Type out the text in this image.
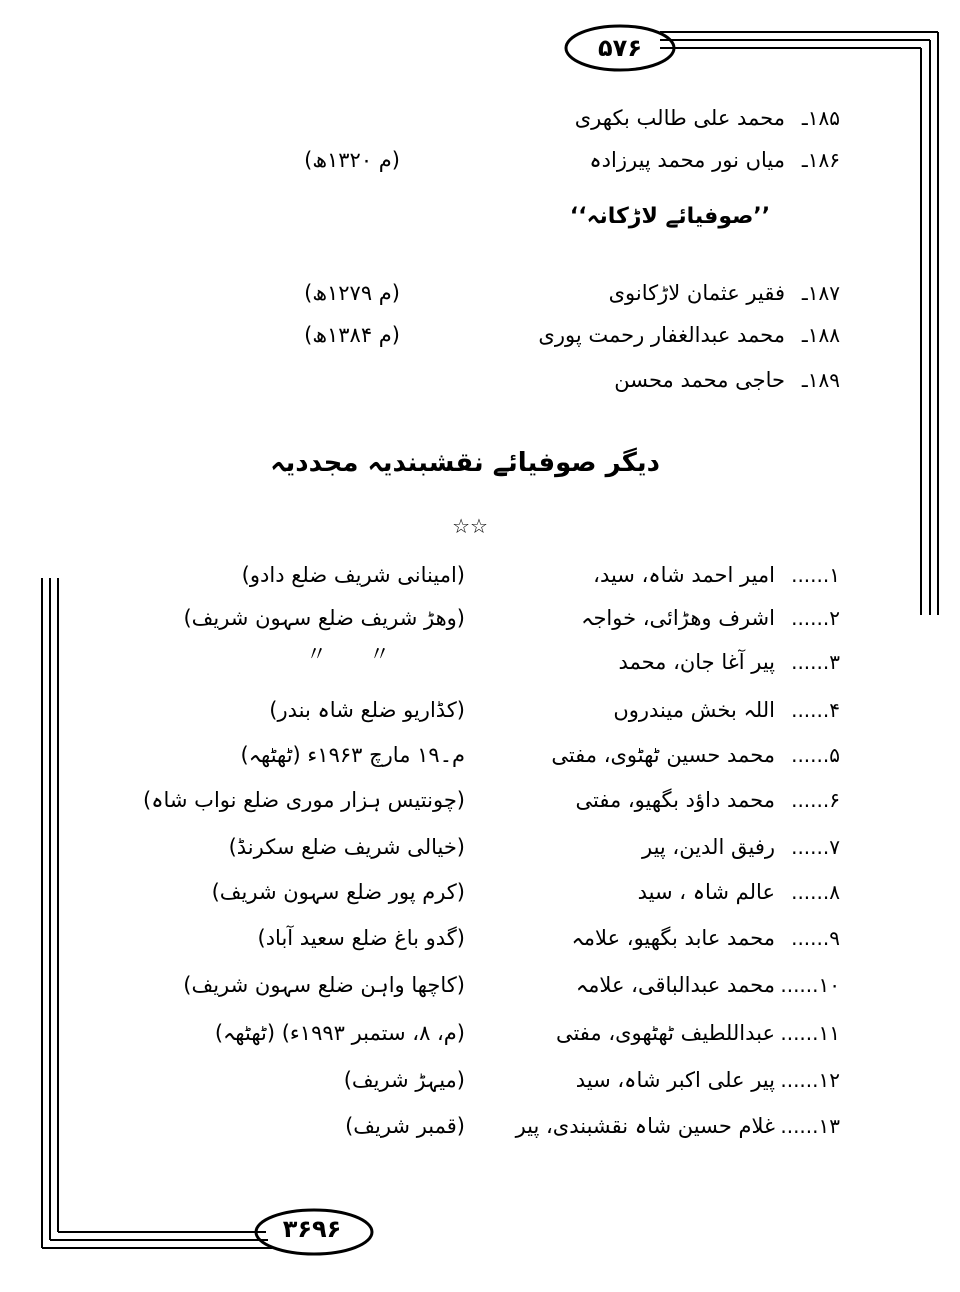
۵۷۶
۳۶۹۶
۱۸۵ـ
محمد علی طالب بکھری
۱۸۶ـ
میاں نور محمد پیرزادہ
(م ۱۳۲۰ھ)
’’صوفیائے لاڑکانہ‘‘
۱۸۷ـ
فقیر عثمان لاڑکانوی
(م ۱۲۷۹ھ)
۱۸۸ـ
محمد عبدالغفار رحمت پوری
(م ۱۳۸۴ھ)
۱۸۹ـ
حاجی محمد محسن
دیگر صوفیائے نقشبندیہ مجددیہ
☆☆
۱......
امیر احمد شاہ، سید،
(امینانی شریف ضلع دادو)
۲......
اشرف وھڑائی، خواجہ
(وھڑ شریف ضلع سہون شریف)
۳......
پیر آغا جان، محمد
〃　　〃
۴......
اللہ بخش میندروں
(کڈاریو ضلع شاہ بندر)
۵......
محمد حسین ٹھٹوی، مفتی
م۔۱۹ مارچ ۱۹۶۳ء (ٹھٹھہ)
۶......
محمد داؤد بگھیو، مفتی
(چونتیس ہزار موری ضلع نواب شاہ)
۷......
رفیق الدین، پیر
(خیالی شریف ضلع سکرنڈ)
۸......
عالم شاہ ، سید
(کرم پور ضلع سہون شریف)
۹......
محمد عابد بگھیو، علامہ
(گدو باغ ضلع سعید آباد)
۱۰......
محمد عبدالباقی، علامہ
(کاچھا واہن ضلع سہون شریف)
۱۱......
عبداللطیف ٹھٹھوی، مفتی
(م، ۸، ستمبر ۱۹۹۳ء) (ٹھٹھہ)
۱۲......
پیر علی اکبر شاہ، سید
(میہڑ شریف)
۱۳......
غلام حسین شاہ نقشبندی، پیر
(قمبر شریف)
